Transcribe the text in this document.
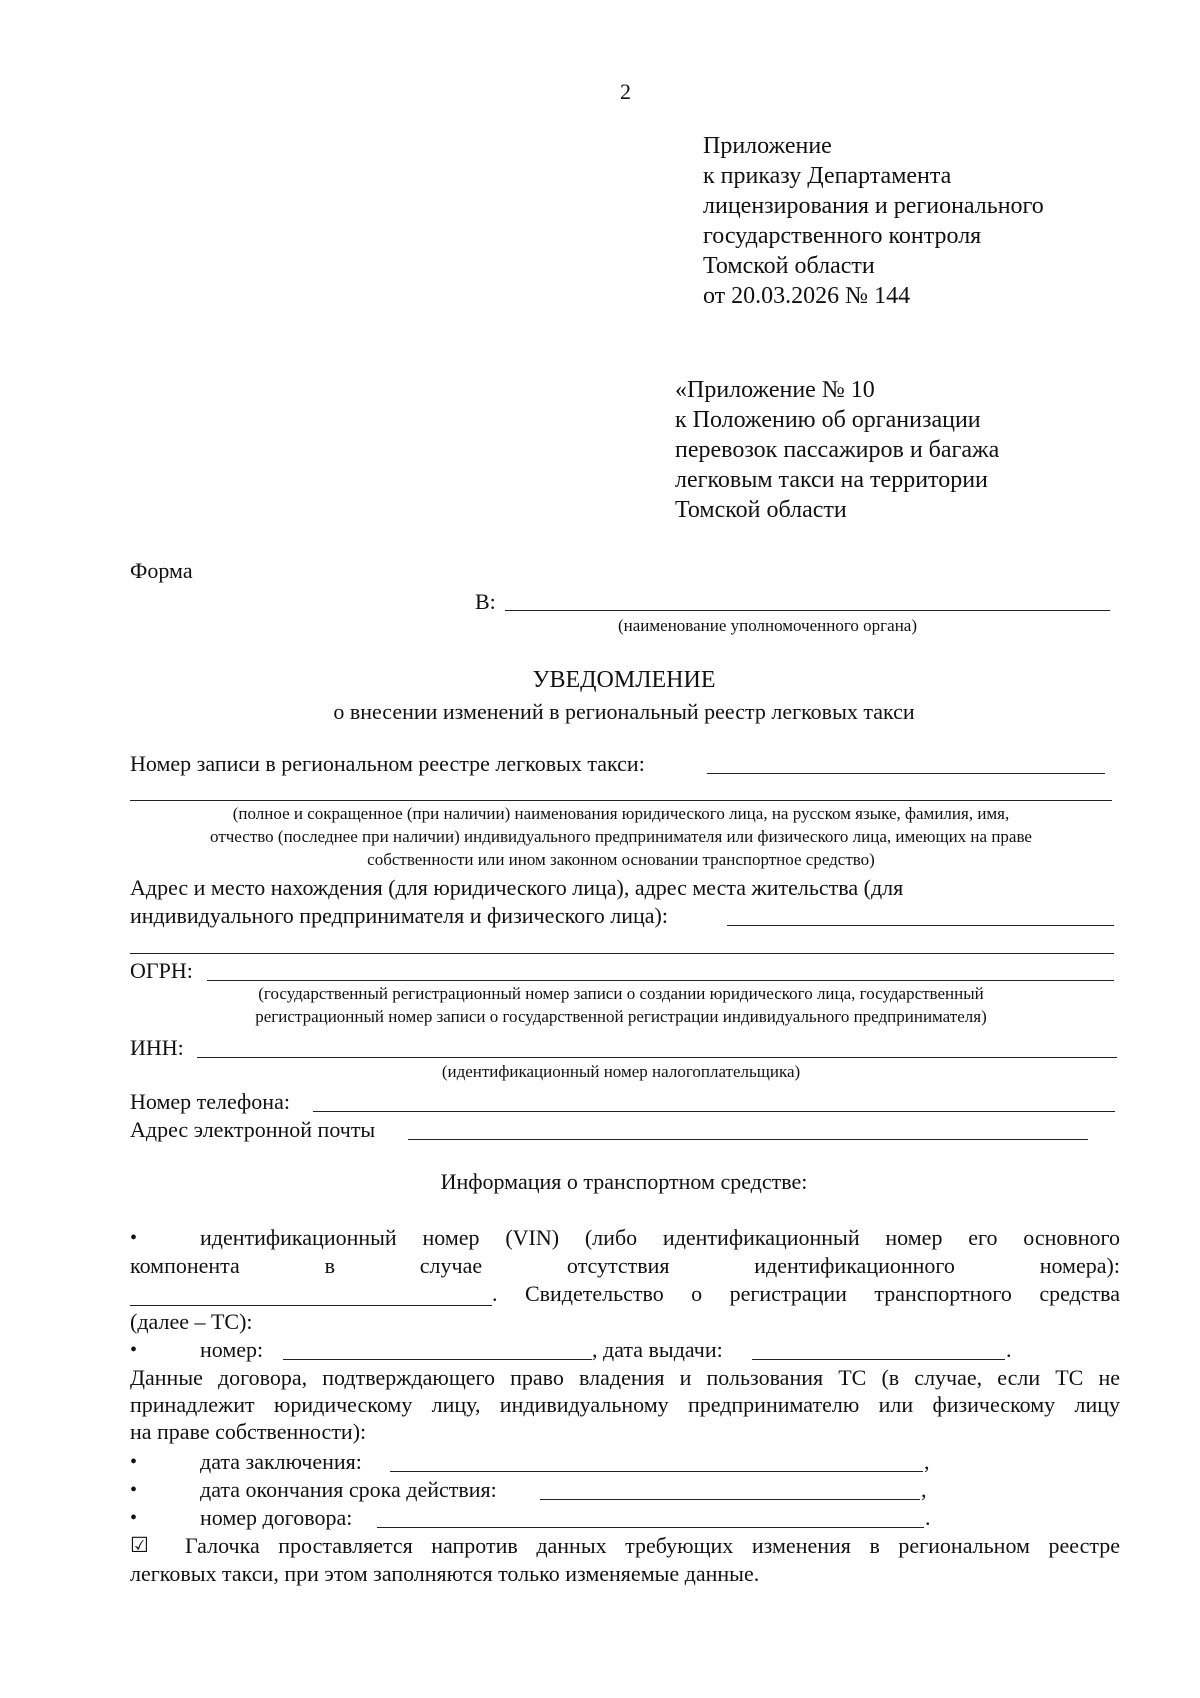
2
Приложение
к приказу Департамента
лицензирования и регионального
государственного контроля
Томской области
от 20.03.2026 № 144
«Приложение № 10
к Положению об организации
перевозок пассажиров и багажа
легковым такси на территории
Томской области
Форма
В:
(наименование уполномоченного органа)
УВЕДОМЛЕНИЕ
о внесении изменений в региональный реестр легковых такси
Номер записи в региональном реестре легковых такси:
(полное и сокращенное (при наличии) наименования юридического лица, на русском языке, фамилия, имя,
отчество (последнее при наличии) индивидуального предпринимателя или физического лица, имеющих на праве
собственности или ином законном основании транспортное средство)
Адрес и место нахождения (для юридического лица), адрес места жительства (для
индивидуального предпринимателя и физического лица):
ОГРН:
(государственный регистрационный номер записи о создании юридического лица, государственный
регистрационный номер записи о государственной регистрации индивидуального предпринимателя)
ИНН:
(идентификационный номер налогоплательщика)
Номер телефона:
Адрес электронной почты
Информация о транспортном средстве:
•	идентификационный номер (VIN) (либо идентификационный номер его основного
компонента	в	случае	отсутствия	идентификационного	номера):
. Свидетельство о регистрации транспортного средства
(далее – ТС):
•	номер:	, дата выдачи:	.
Данные договора, подтверждающего право владения и пользования ТС (в случае, если ТС не
принадлежит юридическому лицу, индивидуальному предпринимателю или физическому лицу
на праве собственности):
•	дата заключения:	,
•	дата окончания срока действия:	,
•	номер договора:	.
☑ Галочка проставляется напротив данных требующих изменения в региональном реестре
легковых такси, при этом заполняются только изменяемые данные.
